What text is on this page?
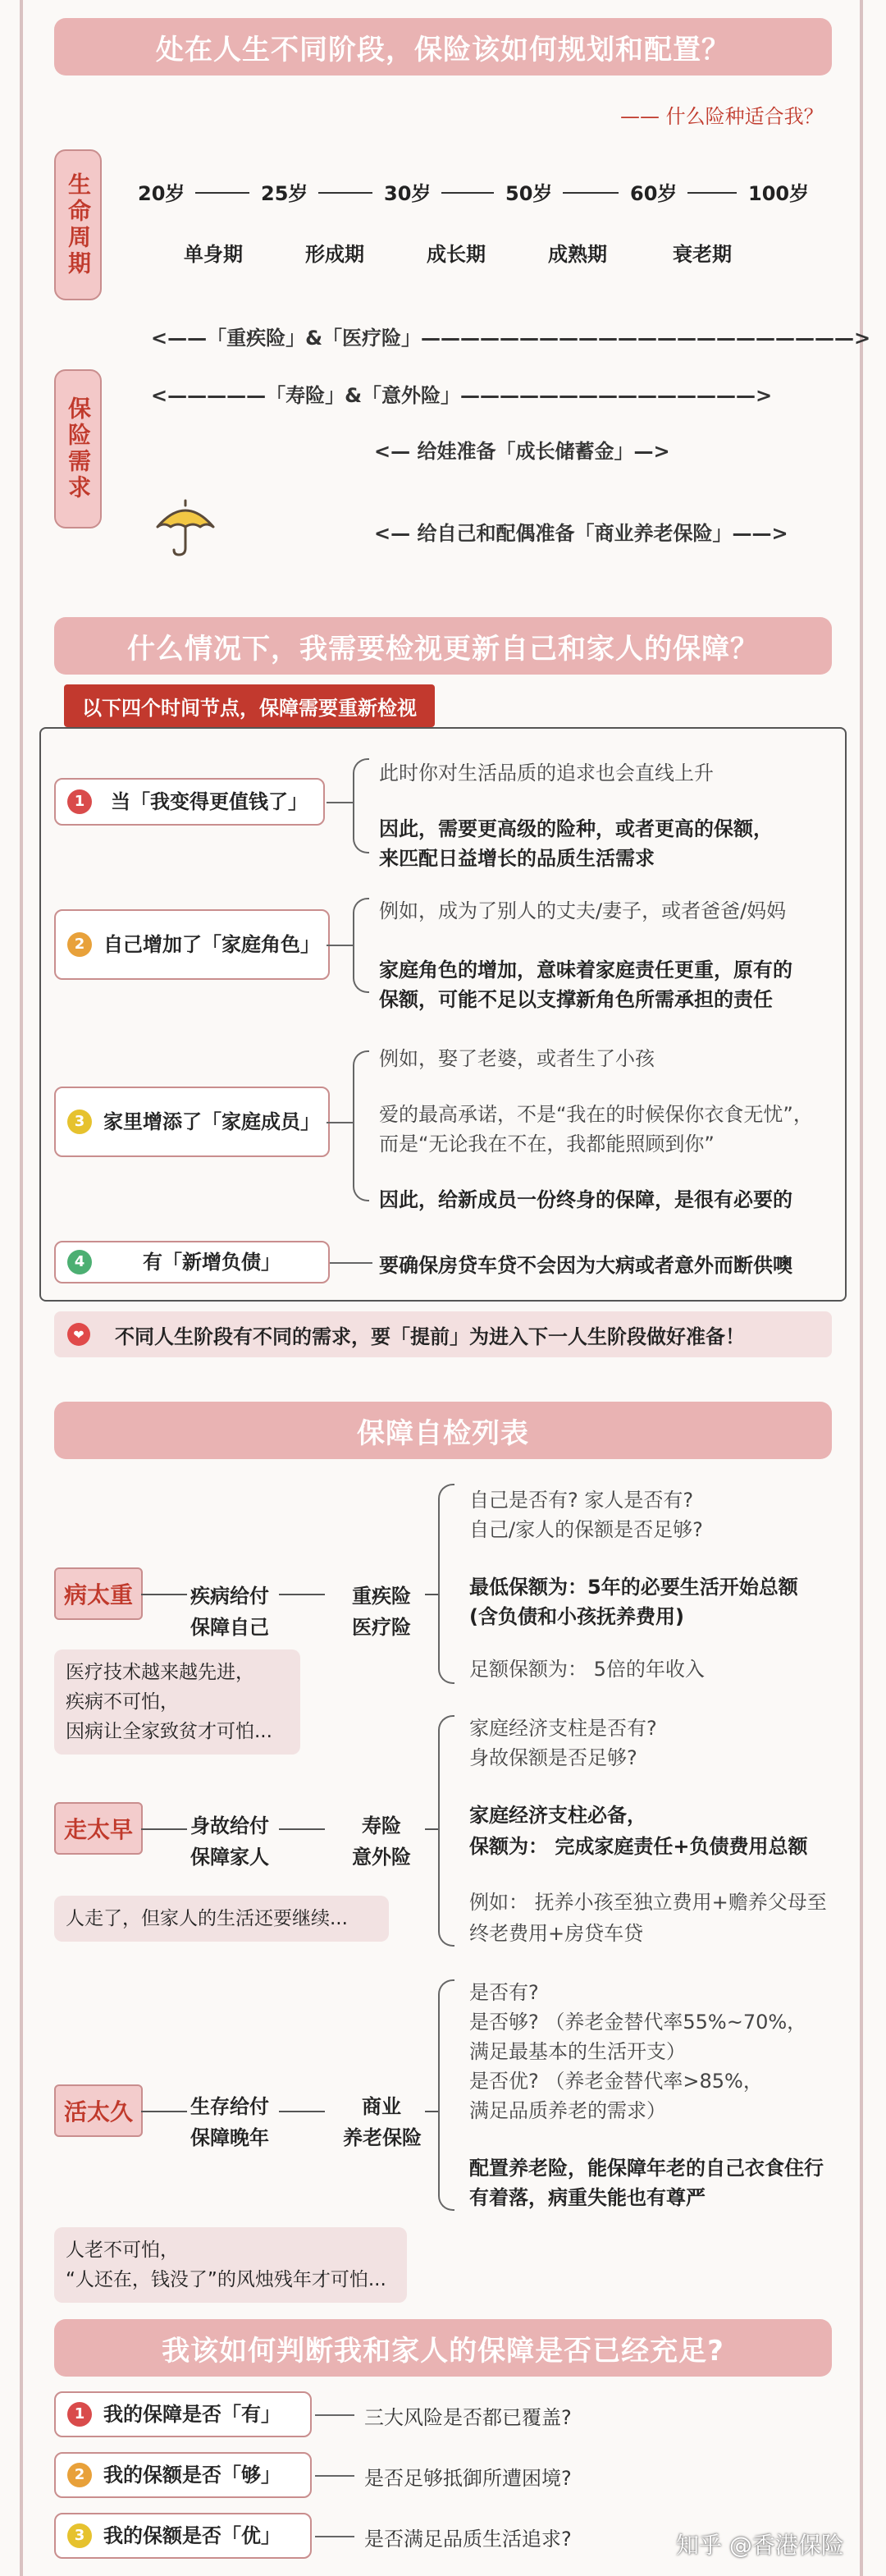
处在人生不同阶段，保险该如何规划和配置？
—— 什么险种适合我？
生命周期 20岁	25岁	30岁	50岁	60岁	100岁
单身期	形成期	成长期	成熟期	衰老期
<——「重疾险」&「医疗险」——————————————————————>
保险需求
<—————「寿险」&「意外险」———————————————>
<— 给娃准备「成长储蓄金」—>
<— 给自己和配偶准备「商业养老保险」——>
什么情况下，我需要检视更新自己和家人的保障？
以下四个时间节点，保障需要重新检视
1	当「我变得更值钱了」
此时你对生活品质的追求也会直线上升
因此，需要更高级的险种，或者更高的保额，
来匹配日益增长的品质生活需求
2 自己增加了「家庭角色」
例如，成为了别人的丈夫/妻子，或者爸爸/妈妈
家庭角色的增加，意味着家庭责任更重，原有的
保额，可能不足以支撑新角色所需承担的责任
3 家里增添了「家庭成员」
例如，娶了老婆，或者生了小孩
爱的最高承诺，不是“我在的时候保你衣食无忧”，
而是“无论我在不在，我都能照顾到你”
因此，给新成员一份终身的保障，是很有必要的
4	有「新增负债」	要确保房贷车贷不会因为大病或者意外而断供噢
❤	不同人生阶段有不同的需求，要「提前」为进入下一人生阶段做好准备！
保障自检列表
病太重	疾病给付
保障自己
重疾险
医疗险
自己是否有? 家人是否有?
自己/家人的保额是否足够?
最低保额为：5年的必要生活开始总额
(含负债和小孩抚养费用)
足额保额为： 5倍的年收入
医疗技术越来越先进，
疾病不可怕，
因病让全家致贫才可怕...
走太早	身故给付
保障家人
寿险
意外险
家庭经济支柱是否有?
身故保额是否足够?
家庭经济支柱必备，
保额为： 完成家庭责任+负债费用总额
例如： 抚养小孩至独立费用+赡养父母至
终老费用+房贷车贷
人走了，但家人的生活还要继续...
活太久	生存给付
保障晚年
商业
养老保险
是否有?
是否够? （养老金替代率55%~70%，
满足最基本的生活开支）
是否优? （养老金替代率>85%，
满足品质养老的需求）
配置养老险，能保障年老的自己衣食住行
有着落，病重失能也有尊严
人老不可怕，
“人还在，钱没了”的风烛残年才可怕...
我该如何判断我和家人的保障是否已经充足?
1 我的保障是否「有」	三大风险是否都已覆盖?
2 我的保额是否「够」	是否足够抵御所遭困境?
3 我的保额是否「优」	是否满足品质生活追求?	知乎 @香港保险
